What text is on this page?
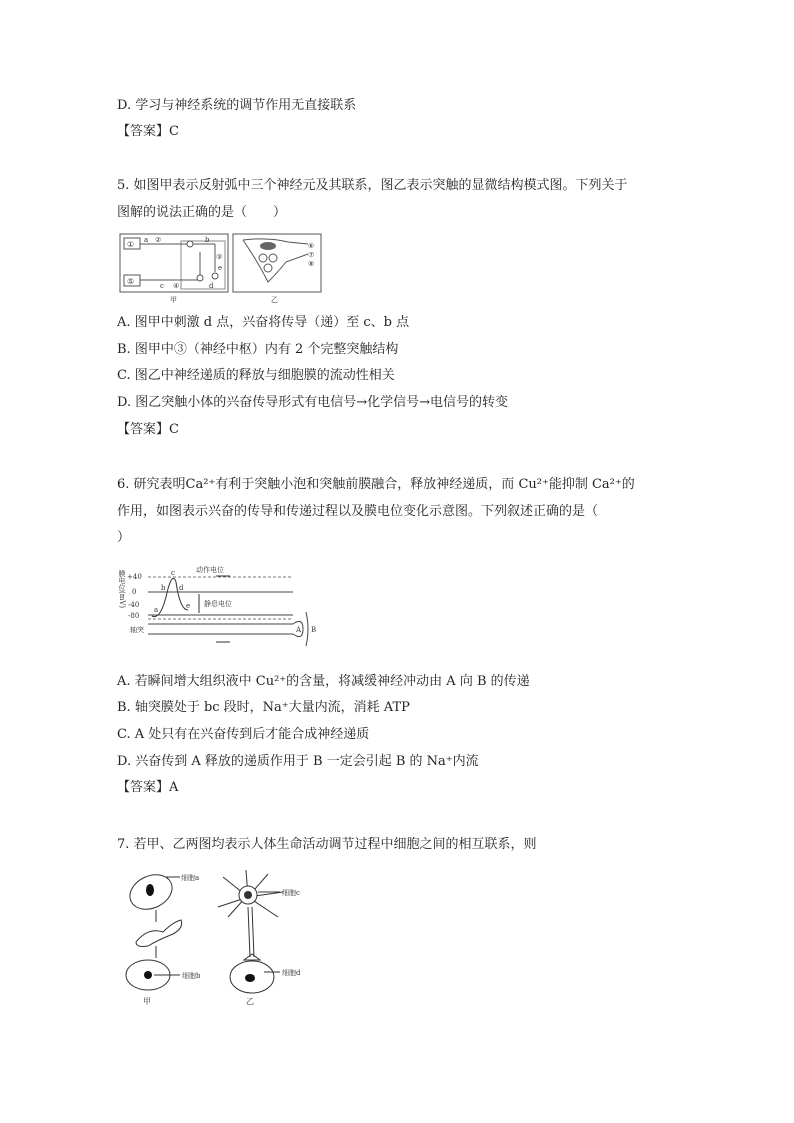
D. 学习与神经系统的调节作用无直接联系
【答案】C
5. 如图甲表示反射弧中三个神经元及其联系，图乙表示突触的显微结构模式图。下列关于
图解的说法正确的是（　　）
①
⑤
a ②	b
③
e
d
c ④
甲
⑥
⑦
⑧
乙
A. 图甲中刺激 d 点，兴奋将传导（递）至 c、b 点
B. 图甲中③（神经中枢）内有 2 个完整突触结构
C. 图乙中神经递质的释放与细胞膜的流动性相关
D. 图乙突触小体的兴奋传导形式有电信号→化学信号→电信号的转变
【答案】C
6. 研究表明Ca²⁺有利于突触小泡和突触前膜融合，释放神经递质，而 Cu²⁺能抑制 Ca²⁺的
作用，如图表示兴奋的传导和传递过程以及膜电位变化示意图。下列叙述正确的是（
）
膜电位(mV) +40
0
-40
-80
a
b
c
d
e
动作电位
静息电位
A B
轴突
A. 若瞬间增大组织液中 Cu²⁺的含量，将减缓神经冲动由 A 向 B 的传递
B. 轴突膜处于 bc 段时，Na⁺大量内流，消耗 ATP
C. A 处只有在兴奋传到后才能合成神经递质
D. 兴奋传到 A 释放的递质作用于 B 一定会引起 B 的 Na⁺内流
【答案】A
7. 若甲、乙两图均表示人体生命活动调节过程中细胞之间的相互联系，则
细胞a
细胞b
甲
细胞c
细胞d
乙
